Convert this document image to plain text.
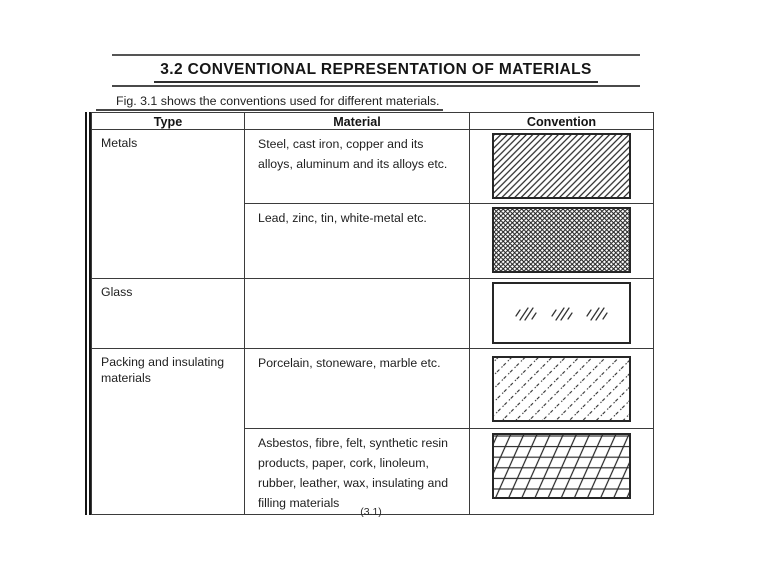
3.2 CONVENTIONAL REPRESENTATION OF MATERIALS
Fig. 3.1 shows the conventions used for different materials.
Type	Material	Convention
Metals	Steel, cast iron, copper and its alloys, aluminum and its alloys etc.	

	Lead, zinc, tin, white-metal etc.	

Glass		

Packing and insulating materials	Porcelain, stoneware, marble etc.	

	Asbestos, fibre, felt, synthetic resin products, paper, cork, linoleum, rubber, leather, wax, insulating and filling materials	
(3.1)
